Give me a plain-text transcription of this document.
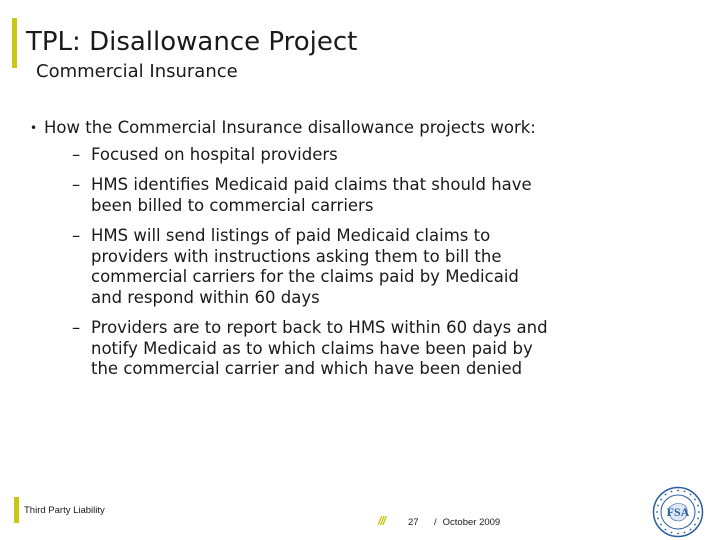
TPL: Disallowance Project
Commercial Insurance
• How the Commercial Insurance disallowance projects work:
– Focused on hospital providers
– HMS identifies Medicaid paid claims that should have been billed to commercial carriers
– HMS will send listings of paid Medicaid claims to providers with instructions asking them to bill the commercial carriers for the claims paid by Medicaid and respond within 60 days
– Providers are to report back to HMS within 60 days and notify Medicaid as to which claims have been paid by the commercial carrier and which have been denied
Third Party Liability
/// 27 / October 2009
FSA
